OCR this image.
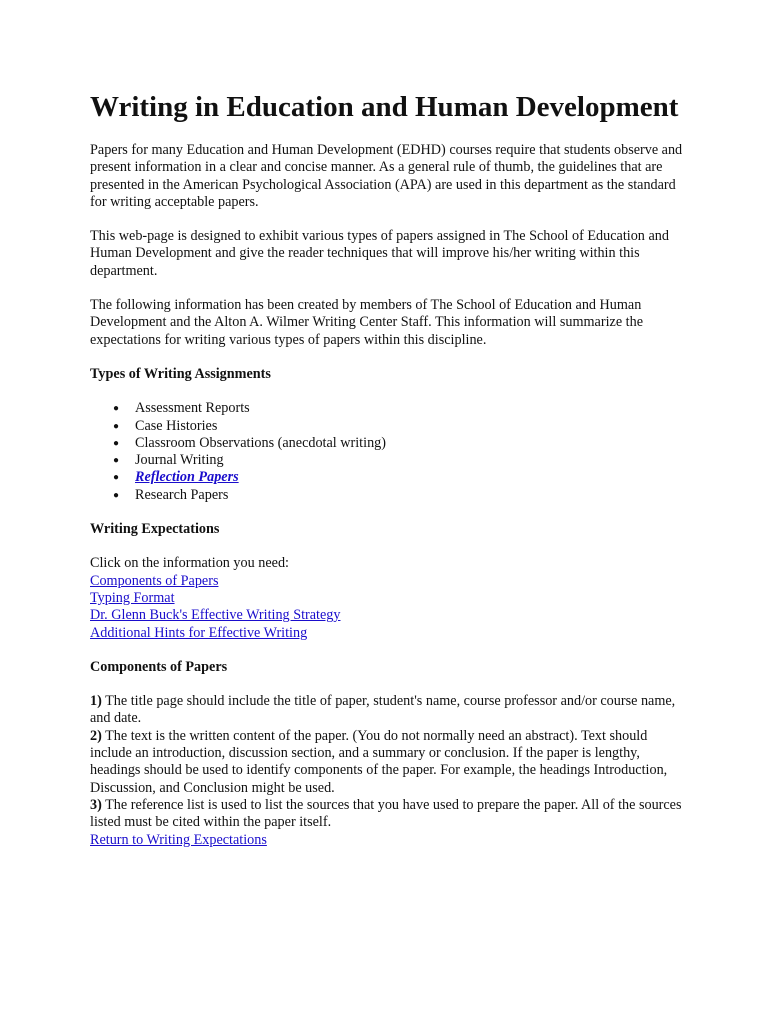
Writing in Education and Human Development

Papers for many Education and Human Development (EDHD) courses require that students observe and present information in a clear and concise manner. As a general rule of thumb, the guidelines that are presented in the American Psychological Association (APA) are used in this department as the standard for writing acceptable papers.

This web-page is designed to exhibit various types of papers assigned in The School of Education and Human Development and give the reader techniques that will improve his/her writing within this department.

The following information has been created by members of The School of Education and Human Development and the Alton A. Wilmer Writing Center Staff. This information will summarize the expectations for writing various types of papers within this discipline.

Types of Writing Assignments

● Assessment Reports
● Case Histories
● Classroom Observations (anecdotal writing)
● Journal Writing
● Reflection Papers
● Research Papers

Writing Expectations

Click on the information you need:
Components of Papers
Typing Format
Dr. Glenn Buck's Effective Writing Strategy
Additional Hints for Effective Writing

Components of Papers

1) The title page should include the title of paper, student's name, course professor and/or course name, and date.

2) The text is the written content of the paper. (You do not normally need an abstract). Text should include an introduction, discussion section, and a summary or conclusion. If the paper is lengthy, headings should be used to identify components of the paper. For example, the headings Introduction, Discussion, and Conclusion might be used.

3) The reference list is used to list the sources that you have used to prepare the paper. All of the sources listed must be cited within the paper itself.

Return to Writing Expectations
